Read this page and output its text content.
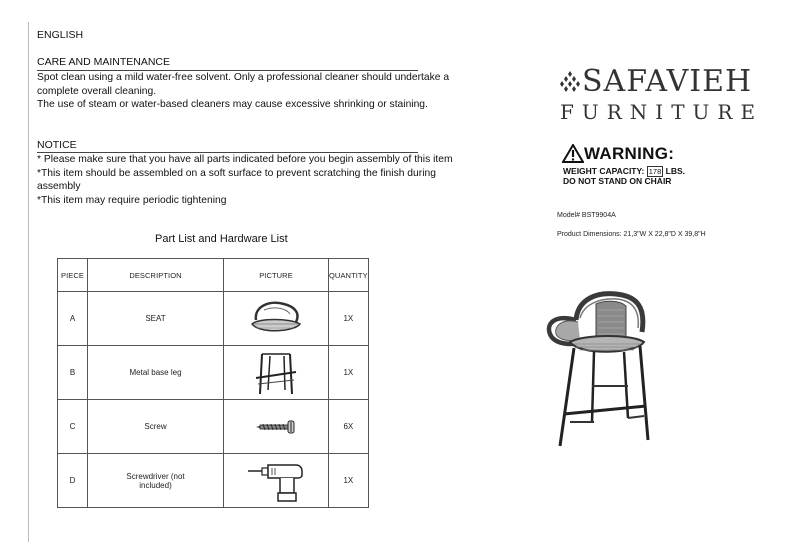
ENGLISH
CARE AND MAINTENANCE
Spot clean using a mild water-free solvent. Only a professional cleaner should undertake a
complete overall cleaning.
The use of steam or water-based cleaners may cause excessive shrinking or staining.
NOTICE
* Please make sure that you have all parts indicated before you begin assembly of this item
*This item should be assembled on a soft surface to prevent scratching the finish during
assembly
*This item may require periodic tightening
Part List and Hardware List
PIECE	DESCRIPTION	PICTURE	QUANTITY
A	SEAT		1X
B	Metal base leg		1X
C	Screw		6X
D	Screwdriver (not
included)		1X
SAFAVIEH
FURNITURE
WARNING:
WEIGHT CAPACITY: 178 LBS.
DO NOT STAND ON CHAIR
Model# BST9904A
Product Dimensions: 21,3"W X 22,8"D X 39,8"H
